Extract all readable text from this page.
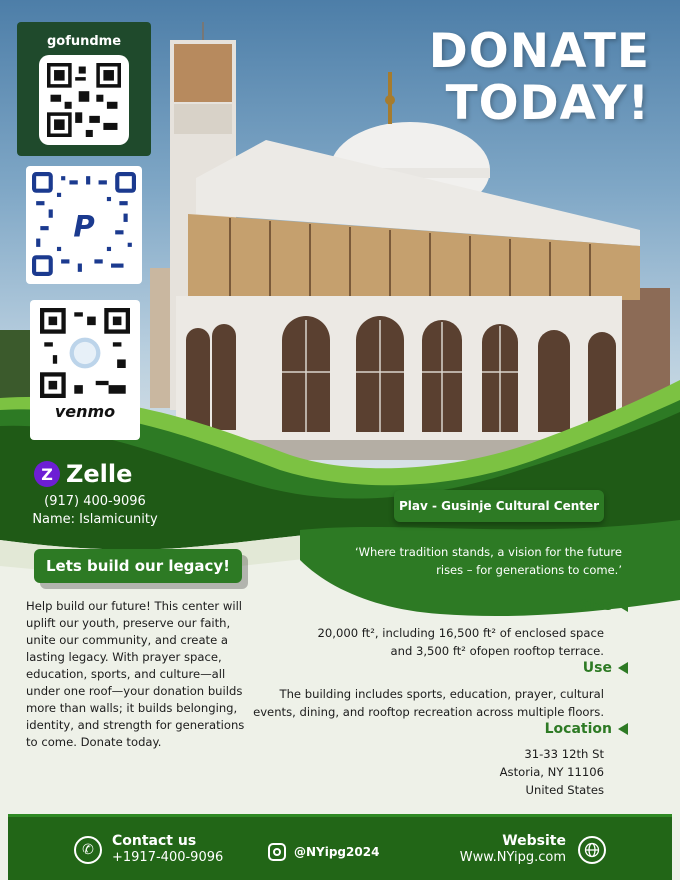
DONATE
TODAY!
gofundme
P
venmo
Z Zelle
(917) 400-9096
Name: Islamicunity
Plav - Gusinje Cultural Center
‘Where tradition stands, a vision for the future rises – for generations to come.’
Lets build our legacy!
Help build our future! This center will uplift our youth, preserve our faith, unite our community, and create a lasting legacy. With prayer space, education, sports, and culture—all under one roof—your donation builds more than walls; it builds belonging, identity, and strength for generations to come. Donate today.
Size
20,000 ft², including 16,500 ft² of enclosed space and 3,500 ft² ofopen rooftop terrace.
Use
The building includes sports, education, prayer, cultural events, dining, and rooftop recreation across multiple floors.
Location
31-33 12th St
Astoria, NY 11106
United States
✆
Contact us
+1917-400-9096	@NYipg2024
Website
Www.NYipg.com
